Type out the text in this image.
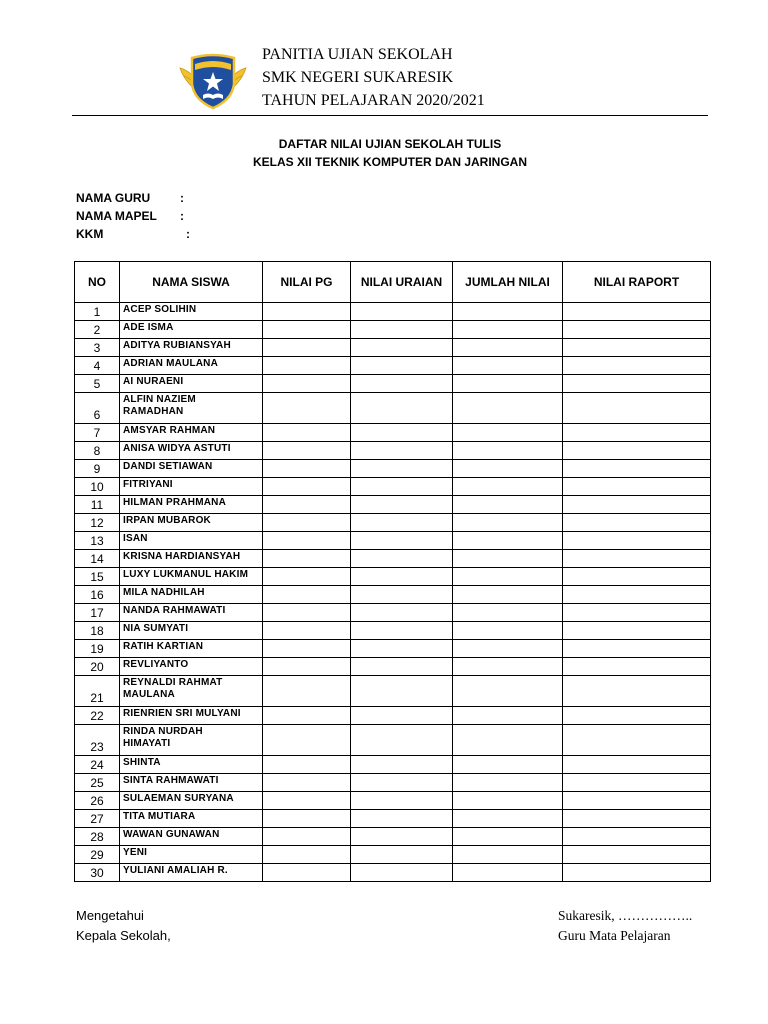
PANITIA UJIAN SEKOLAH
SMK NEGERI SUKARESIK
TAHUN PELAJARAN 2020/2021
DAFTAR NILAI UJIAN SEKOLAH TULIS
KELAS XII TEKNIK KOMPUTER DAN JARINGAN
NAMA GURU :
NAMA MAPEL :
KKM	:
NO	NAMA SISWA	NILAI PG	NILAI URAIAN	JUMLAH NILAI	NILAI RAPORT
1	ACEP SOLIHIN				
2	ADE ISMA				
3	ADITYA RUBIANSYAH				
4	ADRIAN MAULANA				
5	AI NURAENI				
6	ALFIN NAZIEM
RAMADHAN				
7	AMSYAR RAHMAN				
8	ANISA WIDYA ASTUTI				
9	DANDI SETIAWAN				
10	FITRIYANI				
11	HILMAN PRAHMANA				
12	IRPAN MUBAROK				
13	ISAN				
14	KRISNA HARDIANSYAH				
15	LUXY LUKMANUL HAKIM				
16	MILA NADHILAH				
17	NANDA RAHMAWATI				
18	NIA SUMYATI				
19	RATIH KARTIAN				
20	REVLIYANTO				
21	REYNALDI RAHMAT
MAULANA				
22	RIENRIEN SRI MULYANI				
23	RINDA NURDAH
HIMAYATI				
24	SHINTA				
25	SINTA RAHMAWATI				
26	SULAEMAN SURYANA				
27	TITA MUTIARA				
28	WAWAN GUNAWAN				
29	YENI				
30	YULIANI AMALIAH R.				
Mengetahui
Kepala Sekolah,
Sukaresik, ……………..
Guru Mata Pelajaran
